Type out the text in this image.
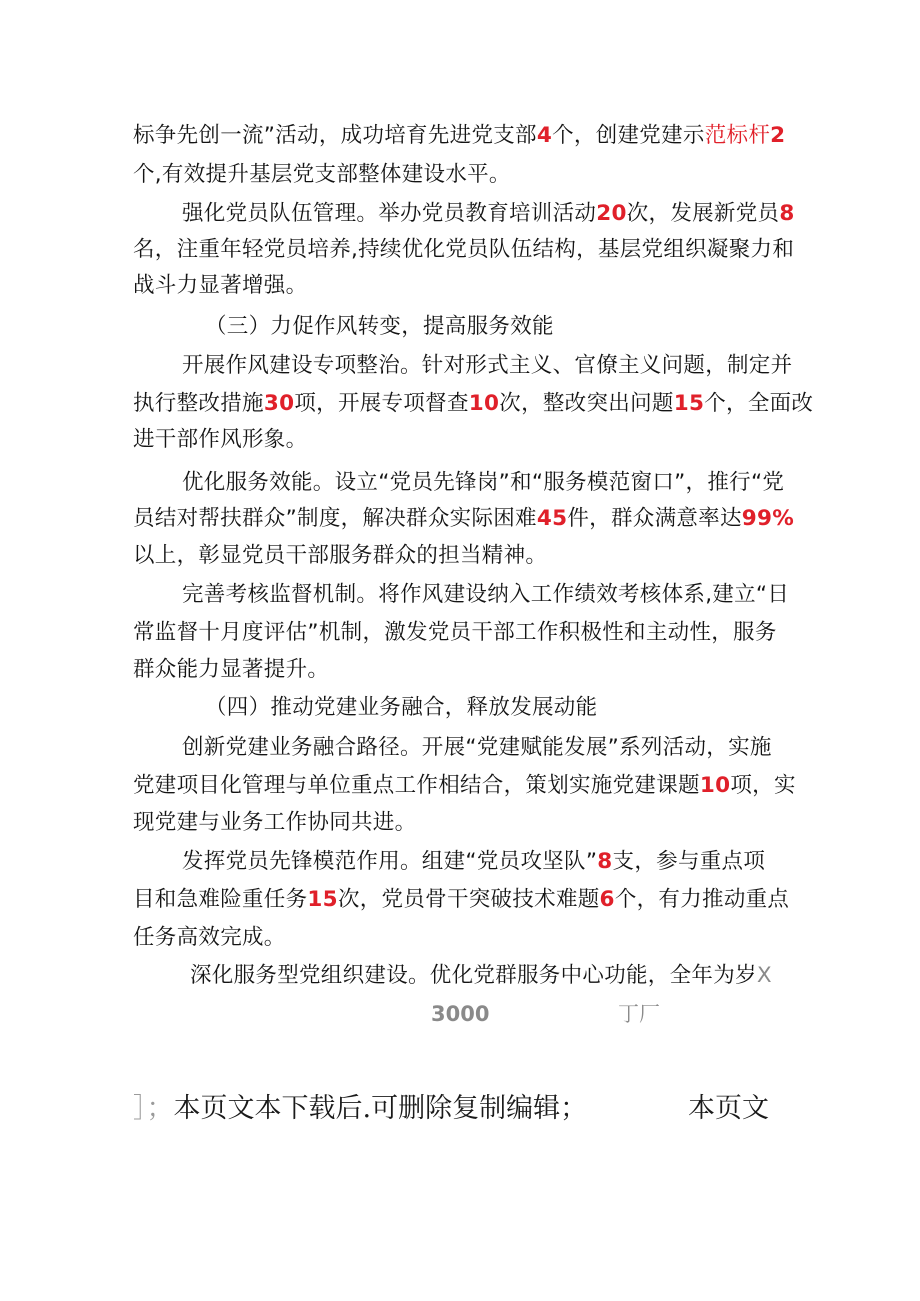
标争先创一流”活动，成功培育先进党支部4个，创建党建示范标杆2
个,有效提升基层党支部整体建设水平。
强化党员队伍管理。举办党员教育培训活动20次，发展新党员8
名，注重年轻党员培养,持续优化党员队伍结构，基层党组织凝聚力和
战斗力显著增强。
（三）力促作风转变，提高服务效能
开展作风建设专项整治。针对形式主义、官僚主义问题，制定并
执行整改措施30项，开展专项督查10次，整改突出问题15个，全面改
进干部作风形象。
优化服务效能。设立“党员先锋岗”和“服务模范窗口”，推行“党
员结对帮扶群众”制度，解决群众实际困难45件，群众满意率达99%
以上，彰显党员干部服务群众的担当精神。
完善考核监督机制。将作风建设纳入工作绩效考核体系,建立“日
常监督十月度评估”机制，激发党员干部工作积极性和主动性，服务
群众能力显著提升。
（四）推动党建业务融合，释放发展动能
创新党建业务融合路径。开展“党建赋能发展”系列活动，实施
党建项目化管理与单位重点工作相结合，策划实施党建课题10项，实
现党建与业务工作协同共进。
发挥党员先锋模范作用。组建“党员攻坚队”8支，参与重点项
目和急难险重任务15次，党员骨干突破技术难题6个，有力推动重点
任务高效完成。
深化服务型党组织建设。优化党群服务中心功能，全年为岁X
3000	丁厂
］；本页文本下载后.可删除复制编辑；	本页文
